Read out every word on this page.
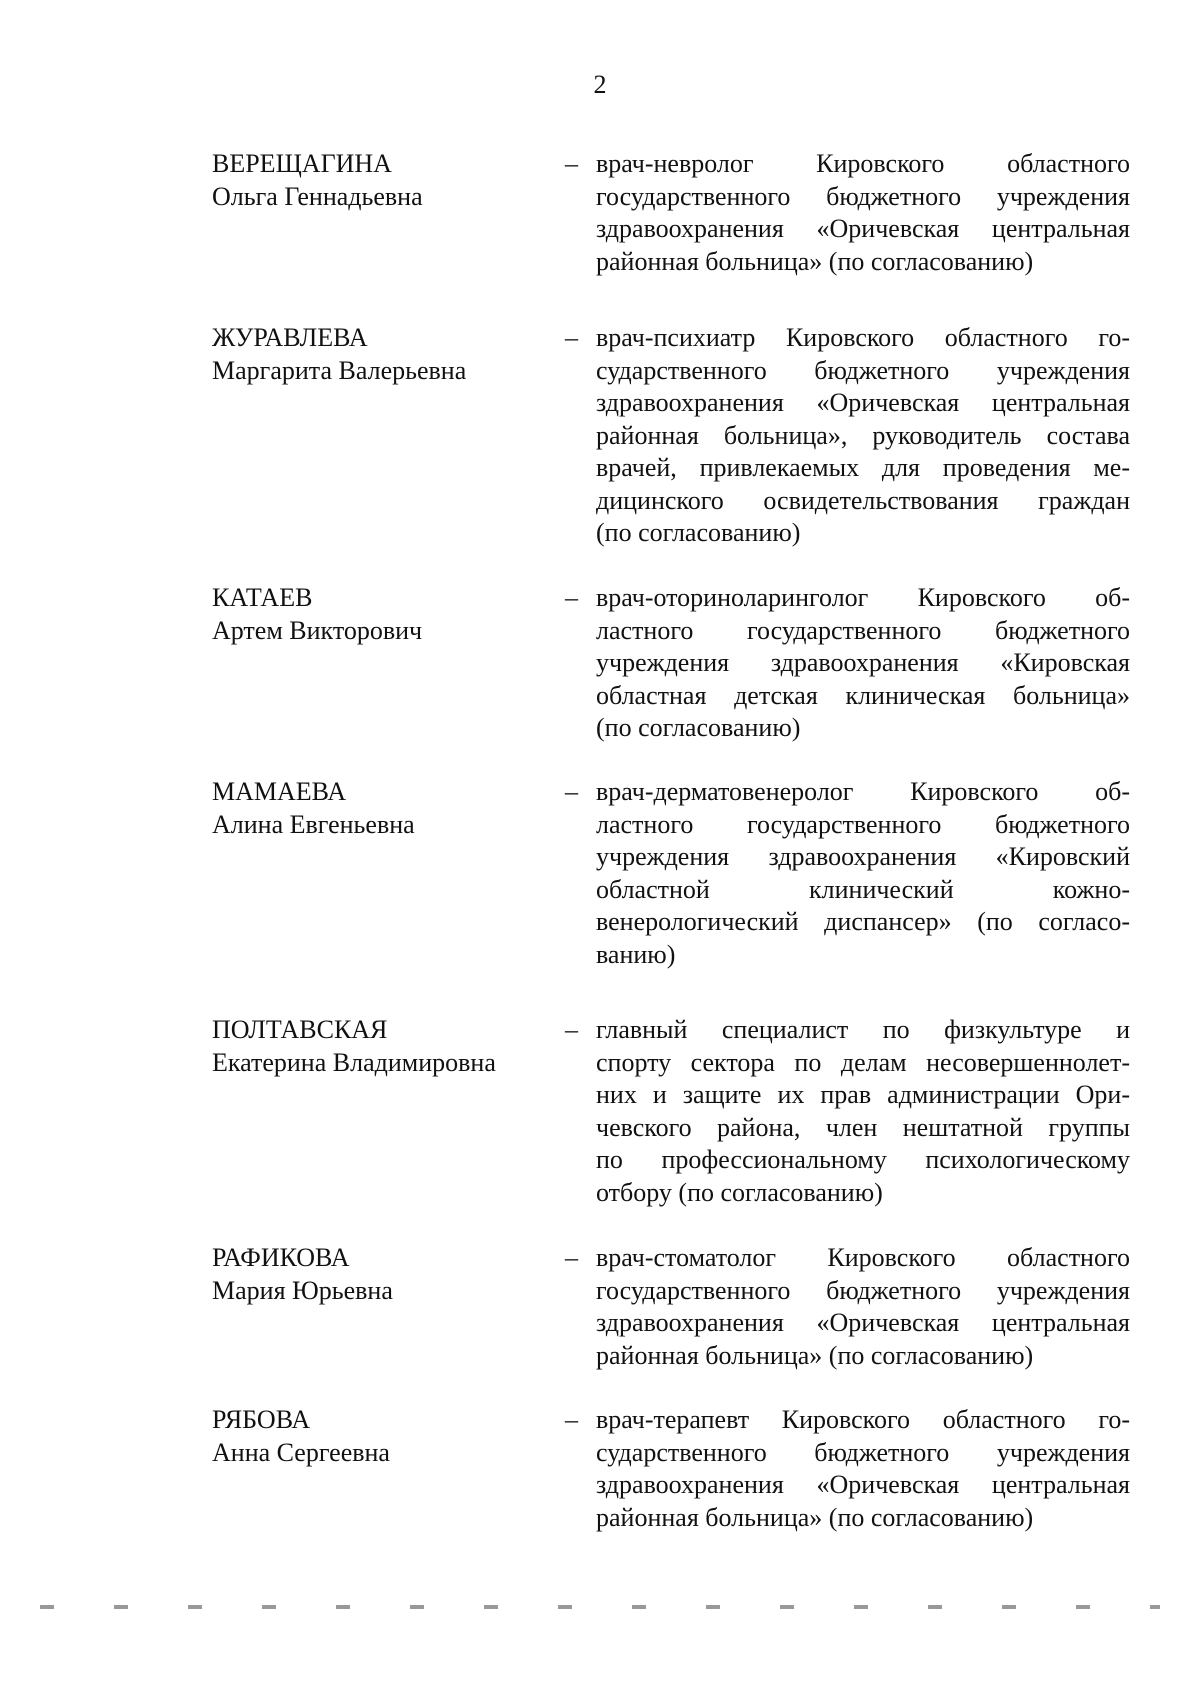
2
ВЕРЕЩАГИНА
Ольга Геннадьевна
– врач-невролог Кировского областного
государственного бюджетного учреждения
здравоохранения «Оричевская центральная
районная больница» (по согласованию)
ЖУРАВЛЕВА
Маргарита Валерьевна
– врач-психиатр Кировского областного го-
сударственного бюджетного учреждения
здравоохранения «Оричевская центральная
районная больница», руководитель состава
врачей, привлекаемых для проведения ме-
дицинского освидетельствования граждан
(по согласованию)
КАТАЕВ
Артем Викторович
– врач-оториноларинголог Кировского об-
ластного государственного бюджетного
учреждения здравоохранения «Кировская
областная детская клиническая больница»
(по согласованию)
МАМАЕВА
Алина Евгеньевна
– врач-дерматовенеролог Кировского об-
ластного государственного бюджетного
учреждения здравоохранения «Кировский
областной клинический кожно-
венерологический диспансер» (по согласо-
ванию)
ПОЛТАВСКАЯ
Екатерина Владимировна
– главный специалист по физкультуре и
спорту сектора по делам несовершеннолет-
них и защите их прав администрации Ори-
чевского района, член нештатной группы
по профессиональному психологическому
отбору (по согласованию)
РАФИКОВА
Мария Юрьевна
– врач-стоматолог Кировского областного
государственного бюджетного учреждения
здравоохранения «Оричевская центральная
районная больница» (по согласованию)
РЯБОВА
Анна Сергеевна
– врач-терапевт Кировского областного го-
сударственного бюджетного учреждения
здравоохранения «Оричевская центральная
районная больница» (по согласованию)
